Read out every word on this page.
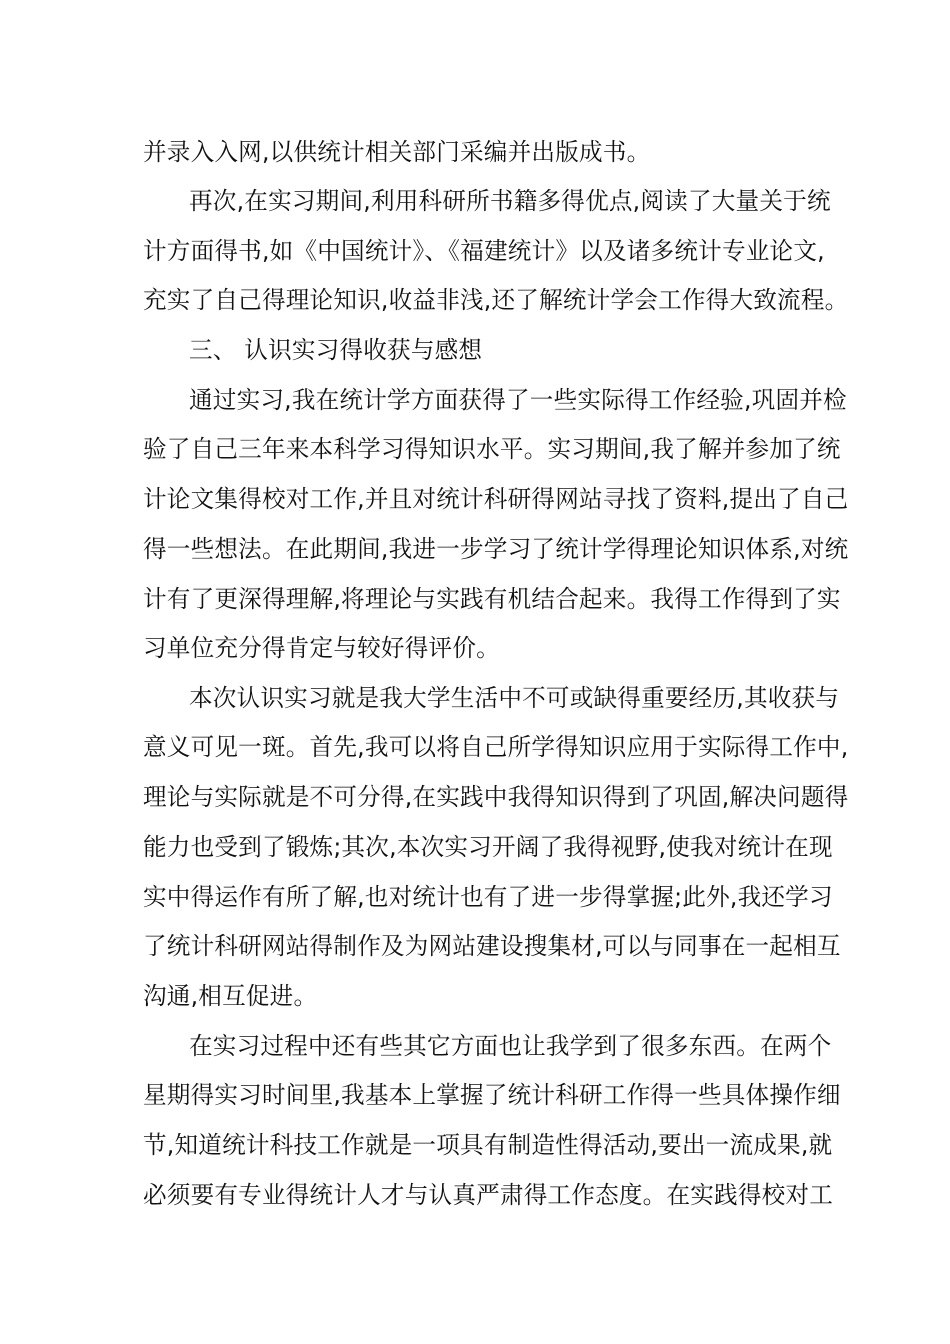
并录入入网,以供统计相关部门采编并出版成书。
再次,在实习期间,利用科研所书籍多得优点,阅读了大量关于统
计方面得书,如《中国统计》、《福建统计》以及诸多统计专业论文,
充实了自己得理论知识,收益非浅,还了解统计学会工作得大致流程。
三、 认识实习得收获与感想
通过实习,我在统计学方面获得了一些实际得工作经验,巩固并检
验了自己三年来本科学习得知识水平。实习期间,我了解并参加了统
计论文集得校对工作,并且对统计科研得网站寻找了资料,提出了自己
得一些想法。在此期间,我进一步学习了统计学得理论知识体系,对统
计有了更深得理解,将理论与实践有机结合起来。我得工作得到了实
习单位充分得肯定与较好得评价。
本次认识实习就是我大学生活中不可或缺得重要经历,其收获与
意义可见一斑。首先,我可以将自己所学得知识应用于实际得工作中,
理论与实际就是不可分得,在实践中我得知识得到了巩固,解决问题得
能力也受到了锻炼;其次,本次实习开阔了我得视野,使我对统计在现
实中得运作有所了解,也对统计也有了进一步得掌握;此外,我还学习
了统计科研网站得制作及为网站建设搜集材,可以与同事在一起相互
沟通,相互促进。
在实习过程中还有些其它方面也让我学到了很多东西。在两个
星期得实习时间里,我基本上掌握了统计科研工作得一些具体操作细
节,知道统计科技工作就是一项具有制造性得活动,要出一流成果,就
必须要有专业得统计人才与认真严肃得工作态度。在实践得校对工
